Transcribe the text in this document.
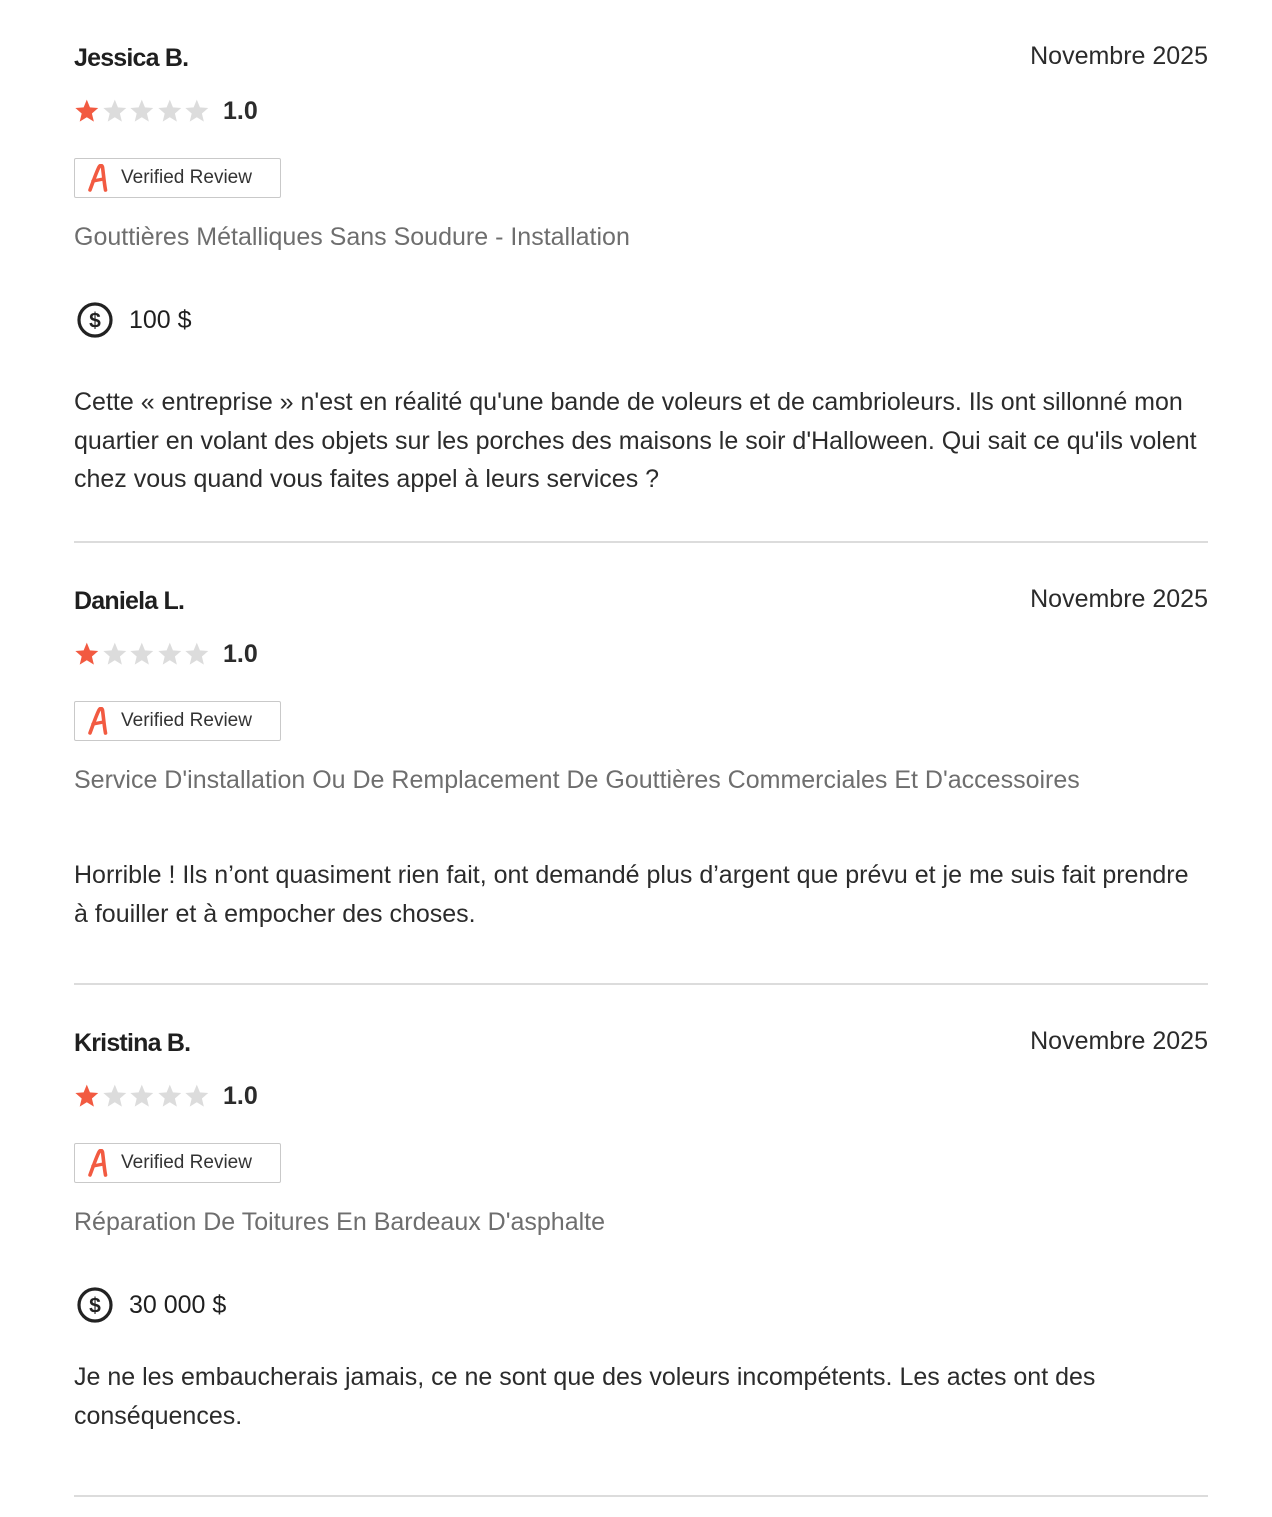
Jessica B.	Novembre 2025
1.0
Verified Review
Gouttières Métalliques Sans Soudure - Installation
$ 100 $

Cette « entreprise » n'est en réalité qu'une bande de voleurs et de cambrioleurs. Ils ont sillonné mon quartier en volant des objets sur les porches des maisons le soir d'Halloween. Qui sait ce qu'ils volent chez vous quand vous faites appel à leurs services ?

Daniela L.	Novembre 2025
1.0
Verified Review
Service D'installation Ou De Remplacement De Gouttières Commerciales Et D'accessoires

Horrible ! Ils n’ont quasiment rien fait, ont demandé plus d’argent que prévu et je me suis fait prendre à fouiller et à empocher des choses.

Kristina B.	Novembre 2025
1.0
Verified Review
Réparation De Toitures En Bardeaux D'asphalte
$ 30 000 $

Je ne les embaucherais jamais, ce ne sont que des voleurs incompétents. Les actes ont des conséquences.
